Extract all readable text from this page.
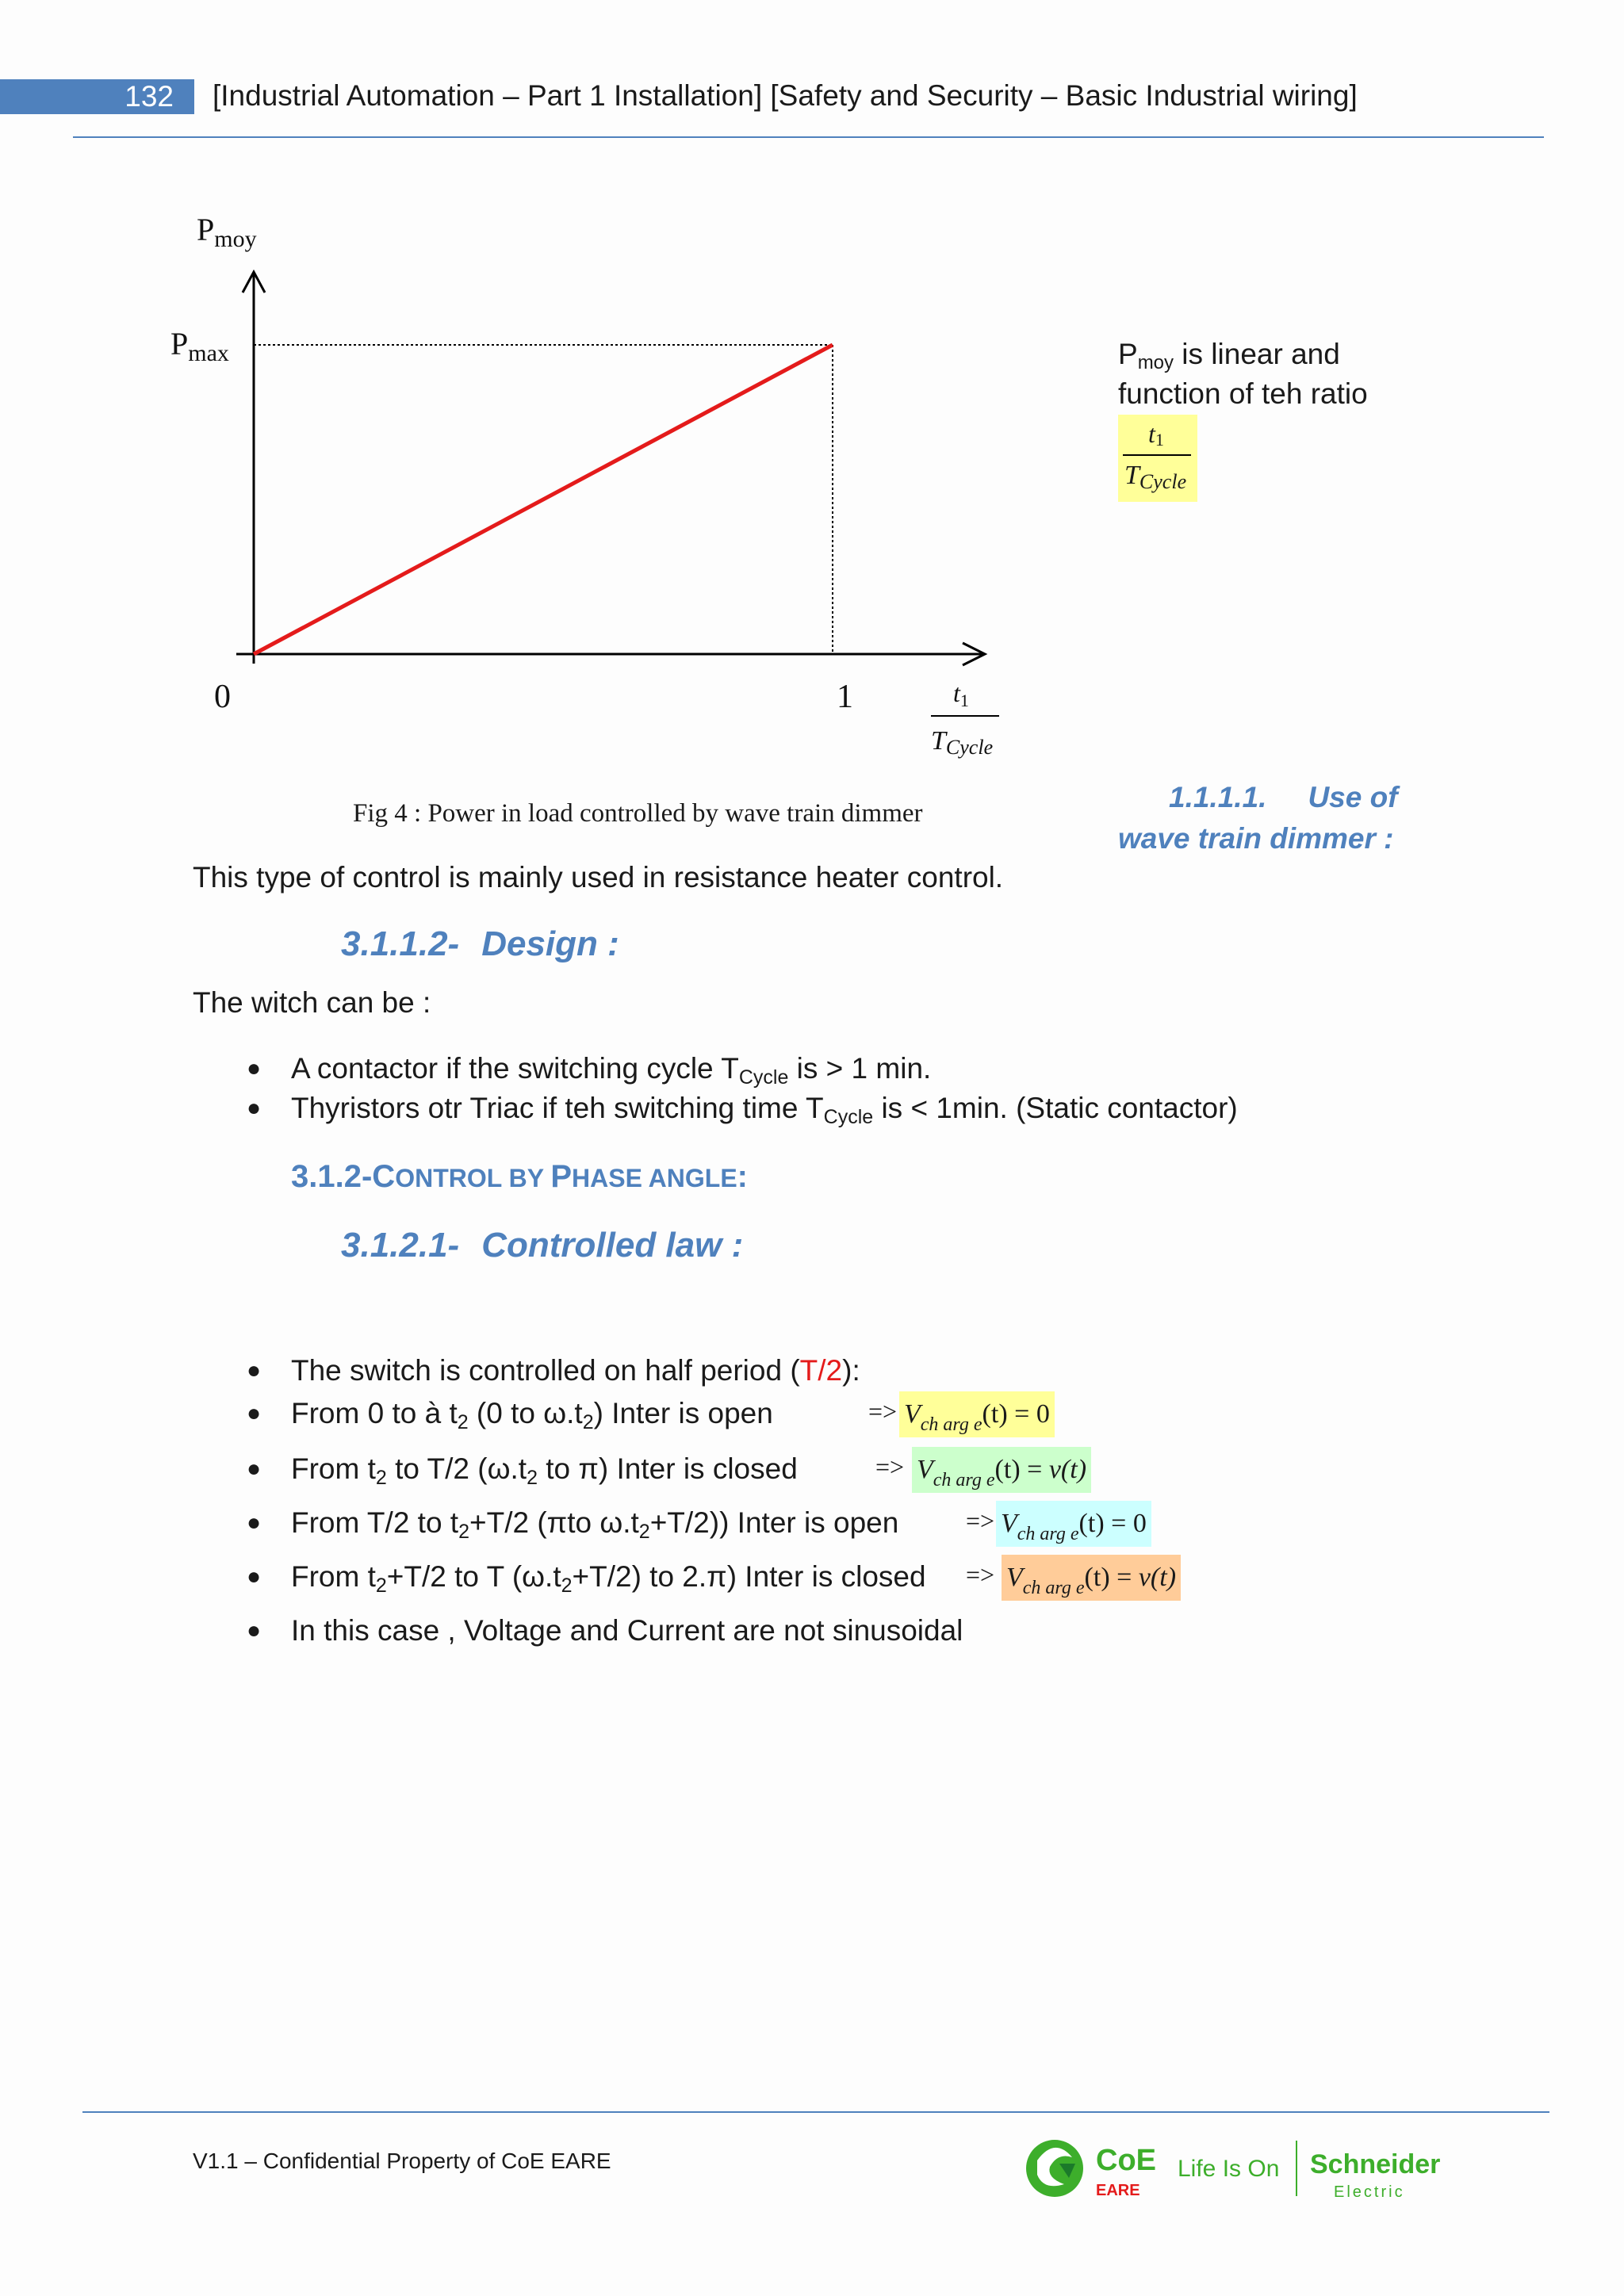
132	[Industrial Automation – Part 1 Installation] [Safety and Security – Basic Industrial wiring]
$P_{moy}$
$P_{max}$
0	1	t1
TCycle
Fig 4 : Power in load controlled by wave train dimmer
$P_{moy}$ is linear and
function of teh ratio
$t_1$
$T_{Cycle}$
1.1.1.1. Use of
wave train dimmer :
This type of control is mainly used in resistance heater control.
3.1.1.2- Design :
The witch can be :
● A contactor if the switching cycle $T_{Cycle}$ is > 1 min.
● Thyristors otr Triac if teh switching time $T_{Cycle}$ is < 1min. (Static contactor)
3.1.2-CONTROL BY PHASE ANGLE:
3.1.2.1- Controlled law :
● The switch is controlled on half period (T/2):
● From 0 to à $t_2$ (0 to $\omega.t_2$) Inter is open
● From $t_2$ to T/2 ($\omega.t_2$ to π) Inter is closed
● From T/2 to $t_2+T/2$ (πto $\omega.t_2+T/2$)) Inter is open
● From $t_2+T/2$ to T $(\omega.t_2+T/2)$ to 2.π) Inter is closed
● In this case , Voltage and Current are not sinusoidal
=> $V_{ch arg e}(t) = 0$
=> $V_{ch arg e}(t) = v(t)$
=> $V_{ch arg e}(t) = 0$
=> $V_{ch arg e}(t) = v(t)$
V1.1 – Confidential Property of CoE EARE	CoE
EARE
Life Is On Schneider
Electric
